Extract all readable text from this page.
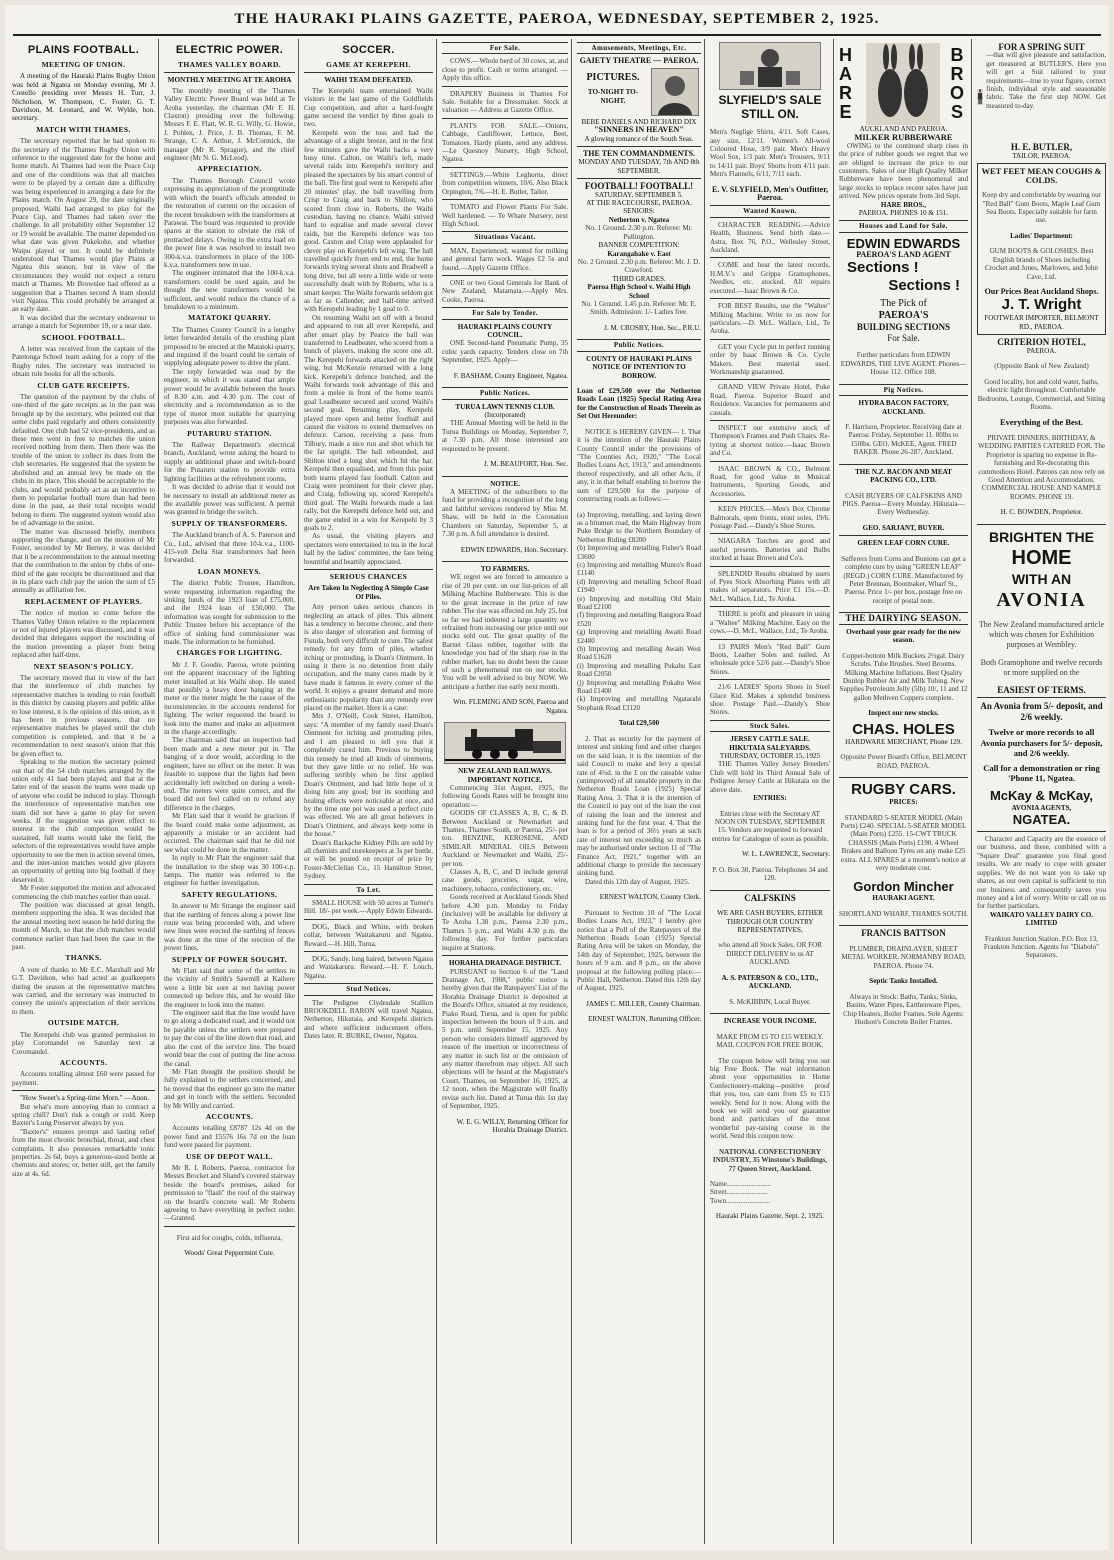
THE HAURAKI PLAINS GAZETTE, PAEROA, WEDNESDAY, SEPTEMBER 2, 1925.
PLAINS FOOTBALL.
MEETING OF UNION.

A meeting of the Hauraki Plains Rugby Union was held at Ngatea on Monday evening, Mr J. Costello presiding over Messrs H. Turr, J. Nicholson, W. Thompson, C. Foster, G. T. Davidson, M. Leonard, and W. Wylde, hon. secretary.

MATCH WITH THAMES.

The secretary reported that he had spoken to the secretary of the Thames Rugby Union with reference to the suggested date for the home and home match. At Thames had won the Peace Cup and one of the conditions was that all matches were to be played by a certain date a difficulty was being experienced in arranging a date for the Plains match. On August 29, the date originally proposed, Waihi had arranged to play for the Peace Cup, and Thames had taken over the challenge. In all probability either September 12 or 19 would be available. The matter depended on what date was given Pukekohe, and whether Waipu played or not. It could be definitely understood that Thames would play Plains at Ngatea this season, but in view of the circumstances they would not expect a return match at Thames. Mr Brownlee had offered as a suggestion that a Thames second A team should visit Ngatea. This could probably be arranged at an early date.

It was decided that the secretary endeavour to arrange a match for September 19, or a near date.

SCHOOL FOOTBALL.

A letter was received from the captain of the Patetonga School team asking for a copy of the Rugby rules. The secretary was instructed to obtain rule books for all the schools.

CLUB GATE RECEIPTS.

The question of the payment by the clubs of one-third of the gate receipts as in the past was brought up by the secretary, who pointed out that some clubs paid regularly and others consistently defaulted. One club had 52 vice-presidents, and as these men went in free to matches the union received nothing from them. Then there was the trouble of the union to collect its dues from the club secretaries. He suggested that the system be abolished and an annual levy be made on the clubs in its place. This should be acceptable to the clubs, and would probably act as an incentive to them to popularise football more than had been done in the past, as their total receipts would belong to them. The suggested system would also be of advantage to the union.

The matter was discussed briefly, members supporting the change, and on the motion of Mr Foster, seconded by Mr Berney, it was decided that it be a recommendation to the annual meeting that the contribution to the union by clubs of one-third of the gate receipts be discontinued and that in its place each club pay the union the sum of £5 annually as affiliation fee.

REPLACEMENT OF PLAYERS.

The notice of motion to come before the Thames Valley Union relative to the replacement or not of injured players was discussed, and it was decided that delegates support the rescinding of the motion preventing a player from being replaced after half-time.

NEXT SEASON'S POLICY.

The secretary moved that in view of the fact that the interference of club matches by representative matches is tending to ruin football in this district by causing players and public alike to lose interest, it is the opinion of this union, as it has been in previous seasons, that no representative matches be played until the club competition is completed, and that it be a recommendation to next season's union that this be given effect to.

Speaking to the motion the secretary pointed out that of the 54 club matches arranged by the union only 41 had been played, and that at the latter end of the season the teams were made up of anyone who could be induced to play. Through the interference of representative matches one team did not have a game to play for seven weeks. If the suggestion was given effect to interest in the club competition would be sustained, full teams would take the field, the selectors of the representatives would have ample opportunity to see the men in action several times, and the inter-union matches would give players an opportunity of getting into big football if they deserved it.

Mr Foster supported the motion and advocated commencing the club matches earlier than usual.

The position was discussed at great length, members supporting the idea. It was decided that the annual meeting next season be held during the month of March, so that the club matches would commence earlier than had been the case in the past.

THANKS.

A vote of thanks to Mr E.C. Marshall and Mr G.T. Davidson, who had acted as goalkeepers during the season at the representative matches was carried, and the secretary was instructed to convey the union's appreciation of their services to them.

OUTSIDE MATCH.

The Kerepehi club was granted permission to play Coromandel on Saturday next at Coromandel.

ACCOUNTS.

Accounts totalling almost £60 were passed for payment.

"How Sweet's a Spring-time Morn." —Anon.

But what's more annoying than to contract a spring chill? Don't risk a cough or cold. Keep Baxter's Lung Preserver always by you.

"Baxter's" ensures prompt and lasting relief from the most chronic bronchial, throat, and chest complaints. It also possesses remarkable tonic properties. 2s 6d, buys a generous-sized bottle at chemists and stores; or, better still, get the family size at 4s. 6d.

ELECTRIC POWER.
THAMES VALLEY BOARD.
MONTHLY MEETING AT TE AROHA

The monthly meeting of the Thames Valley Electric Power Board was held at Te Aroha yesterday, the chairman (Mr F. H. Claxton) presiding over the following: Messrs F. E. Flatt, W. R. G. Willy, G. Howie, J. Pohlen, J. Price, J. B. Thomas, F. M. Strange, C. A. Arthur, J. McCormick, the manager (Mr R. Sprague), and the chief engineer (Mr N. G. McLeod).

APPRECIATION.

The Thames Borough Council wrote expressing its appreciation of the promptitude with which the board's officials attended to the restoration of current on the occasion of the recent breakdown with the transformers at Parawai. The board was requested to provide spares at the station to obviate the risk of protracted delays. Owing to the extra load on the power line it was resolved to install two 300-k.v.a. transformers in place of the 100-k.v.a. transformers now in use.

The engineer intimated that the 100-k.v.a. transformers could be used again, and he thought the new transformers would be sufficient, and would reduce the chance of a breakdown to a minimum.

MATATOKI QUARRY.

The Thames County Council in a lengthy letter forwarded details of the crushing plant proposed to be erected at the Matatoki quarry, and inquired if the board could be certain of supplying adequate power to drive the plant.

The reply forwarded was read by the engineer, in which it was stated that ample power would be available between the hours of 8.30 a.m. and 4.30 p.m. The cost of electricity and a recommendation as to the type of motor most suitable for quarrying purposes was also forwarded.

PUTARURU STATION.

The Railway Department's electrical branch, Auckland, wrote asking the board to supply an additional phase and switch-board for the Putaruru station to provide extra lighting facilities at the refreshment rooms.

It was decided to advise that it would not be necessary to install an additional meter as the available power was sufficient. A permit was granted to bridge the switch.

SUPPLY OF TRANSFORMERS.

The Auckland branch of A. S. Paterson and Co., Ltd., advised that three 10-k.v.a., 1100-415-volt Delta Star transformers had been forwarded.

LOAN MONEYS.

The district Public Trustee, Hamilton, wrote requesting information regarding the sinking funds of the 1923 loan of £75,000, and the 1924 loan of £50,000. The information was sought for submission to the Public Trustee before his acceptance of the office of sinking fund commissioner was made. The information to be furnished.

CHARGES FOR LIGHTING.

Mr J. F. Goodie, Paeroa, wrote pointing out the apparent inaccuracy of the lighting meter installed at his Waihi shop. He stated that possibly a heavy door banging at the meter or the meter might be the cause of the inconsistencies in the accounts rendered for lighting. The writer requested the board to look into the matter and make an adjustment in the charge accordingly.

The chairman said that an inspection had been made and a new meter put in. The banging of a door would, according to the engineer, have no effect on the meter. It was feasible to suppose that the lights had been accidentally left switched on during a week-end. The meters were quite correct, and the board did not feel called on to refund any difference in the charges.

Mr Flatt said that it would be gracious if the board could make some adjustment, as apparently a mistake or an accident had occurred. The chairman said that he did not see what could be done in the matter.

In reply to Mr Flatt the engineer said that the installation to the shop was 30 100-c.p. lamps. The matter was referred to the engineer for further investigation.

SAFETY REGULATIONS.

In answer to Mr Strange the engineer said that the earthing of fences along a power line route was being proceeded with, and where new lines were erected the earthing of fences was done at the time of the erection of the power lines.

SUPPLY OF POWER SOUGHT.

Mr Flatt said that some of the settlers in the vicinity of Smith's Sawmill at Kaihere were a little bit sore at not having power connected up before this, and he would like the engineer to look into the matter.

The engineer said that the line would have to go along a dedicated road, and it would not be payable unless the settlers were prepared to pay the cost of the line down that road, and also the cost of the service line. The board would bear the cost of putting the line across the canal.

Mr Flatt thought the position should be fully explained to the settlers concerned, and he moved that the engineer go into the matter and get in touch with the settlers. Seconded by Mr Willy and carried.

ACCOUNTS.

Accounts totalling £8787 12s 4d on the power fund and £5576 16s 7d on the loan fund were passed for payment.

USE OF DEPOT WALL.

Mr R. I. Roberts, Paeroa, contractor for Messrs Brocket and Shand's covered stairway beside the board's premises, asked for permission to "flash" the roof of the stairway on the board's concrete wall. Mr Roberts agreeing to have everything in perfect order.—Granted.

First aid for coughs, colds, influenza,

Woods' Great Peppermint Cure.

SOCCER.
GAME AT KEREPEHI.
WAIHI TEAM DEFEATED.

The Kerepehi team entertained Waihi visitors in the last game of the Goldfields Cup competition, and after a hard-fought game secured the verdict by three goals to two.

Kerepehi won the toss and had the advantage of a slight breeze, and in the first few minutes gave the Waihi backs a very busy time. Calton, on Waihi's left, made several raids into Kerepehi's territory and pleased the spectators by his smart control of the ball. The first goal went to Kerepehi after 20 minutes' play, the ball travelling from Crisp to Craig and back to Shilton, who scored from close in. Roberts, the Waihi custodian, having no chance. Waihi strived hard to equalise and made several clever raids, but the Kerepehi defence was too good. Caxton and Crisp were applauded for clever play on Kerepehi's left wing. The ball travelled quickly from end to end, the home forwards trying several shots and Bradwell a long drive, but all were a little wide or were successfully dealt with by Roberts, who is a smart keeper. The Waihi forwards seldom got as far as Callender, and half-time arrived with Kerepehi leading by 1 goal to 0.

On resuming Waihi set off with a bound and appeared to run all over Kerepehi, and after smart play by Pearce the ball was transferred to Leadbeater, who scored from a bunch of players, making the score one all. The Kerepehi forwards attacked on the right wing, but McKenzie returned with a long kick. Kerepehi's defence bunched, and the Waihi forwards took advantage of this and from a melee in front of the home team's goal Leadbeater secured and scored Waihi's second goal. Resuming play, Kerepehi played more open and better football and caused the visitors to extend themselves on defence. Carson, receiving a pass from Tilbury, made a nice run and shot which hit the far upright. The ball rebounded, and Shilton tried a long shot which hit the bar. Kerepehi then equalised, and from this point both teams played fast football. Calton and Craig were prominent for their clever play, and Craig, following up, scored Kerepehi's third goal. The Waihi forwards made a last rally, but the Kerepehi defence held out, and the game ended in a win for Kerepehi by 3 goals to 2.

As usual, the visiting players and spectators were entertained to tea in the local hall by the ladies' committee, the fare being bountiful and heartily appreciated.

SERIOUS CHANCES
Are Taken In Neglecting A Simple Case Of Piles.

Any person takes serious chances in neglecting an attack of piles. This ailment has a tendency to become chronic, and there is also danger of ulceration and forming of Fistula, both very difficult to cure. The safest remedy for any form of piles, whether itching or protruding, is Doan's Ointment. In using it there is no detention from daily occupation, and the many cures made by it have made it famous in every corner of the world. It enjoys a greater demand and more enthusiastic popularity than any remedy ever placed on the market. Here is a case:

Mrs J. O'Neill, Cook Street, Hamilton, says: "A member of my family used Doan's Ointment for itching and protruding piles, and I am pleased to tell you that it completely cured him. Previous to buying this remedy he tried all kinds of ointments, but they gave little or no relief. He was suffering terribly when he first applied Doan's Ointment, and had little hope of it doing him any good; but its soothing and healing effects were noticeable at once, and by the time one pot was used a perfect cure was effected. We are all great believers in Doan's Ointment, and always keep some in the house."

Doan's Backache Kidney Pills are sold by all chemists and storekeepers at 3s per bottle, or will be posted on receipt of price by Foster-McClellan Co., 15 Hamilton Street, Sydney.

To Let.

SMALL HOUSE with 50 acres at Turner's Hill. 18/- per week.—Apply Edwin Edwards.

DOG, Black and White, with broken collar, between Waitakaruru and Ngatea. Reward.—H. Hill, Turua.

DOG, Sandy, long haired, between Ngatea and Waitakaruru. Reward.—H. F. Louch, Ngatea.

Stud Notices.

The Pedigree Clydesdale Stallion BROOKDELL BARON will travel Ngatea, Netherton, Hikutaia, and Kerepehi districts and where sufficient inducement offers. Dates later. R. BURKE, Owner, Ngatea.

For Sale.

COWS.—Whole herd of 30 cows, at, and close to profit. Cash or terms arranged. — Apply this office.

DRAPERY Business in Thames For Sale. Suitable for a Dressmaker. Stock at valuation — Address at Gazette Office.

PLANTS FOR SALE.—Onions, Cabbage, Cauliflower, Lettuce, Beet, Tomatoes. Hardy plants, send any address.—Le Quesnoy Nursery, High School, Ngatea.

SETTINGS.—White Leghorns, direct from competition winners, 10/6. Also Black Orpington, 7/6.—H. E. Butler, Tailor.

TOMATO and Flower Plants For Sale. Well hardened. — Te Whare Nursery, next High School.

Situations Vacant.

MAN, Experienced, wanted for milking and general farm work. Wages £2 5s and found.—Apply Gazette Office.

ONE or two Good Generals for Bank of New Zealand, Matamata.—Apply Mrs. Cooke, Paeroa.

For Sale by Tender.
HAURAKI PLAINS COUNTY COUNCIL.

ONE Second-hand Pneumatic Pump, 35 cubic yards capacity. Tenders close on 7th September, 1925. Apply—

F. BASHAM, County Engineer, Ngatea.

Public Notices.
TURUA LAWN TENNIS CLUB.
(Incorporated)

THE Annual Meeting will be held in the Turua Buildings on Monday, September 7, at 7.30 p.m. All those interested are requested to be present.

J. M. BEAUFORT, Hon. Sec.

NOTICE.

A MEETING of the subscribers to the fund for providing a recognition of the long and faithful services rendered by Miss M. Shaw, will be held in the Coronation Chambers on Saturday, September 5, at 7.30 p.m. A full attendance is desired.

EDWIN EDWARDS, Hon. Secretary.

TO FARMERS.

WE regret we are forced to announce a rise of 20 per cent. on our list-prices of all Milking Machine Rubberware. This is due to the great increase in the price of raw rubber. The rise was effected on July 25, but so far we had indented a large quantity we refrained from increasing our price until our stocks sold out. The great quality of the Barnet Glass rubber, together with the knowledge you had of the sharp rise in the rubber market, has no doubt been the cause of such a phenomenal run on our stocks. You will be well advised to buy NOW. We anticipate a further rise early next month.

Wm. FLEMING AND SON, Paeroa and Ngatea.

NEW ZEALAND RAILWAYS.
IMPORTANT NOTICE.

Commencing 31st August, 1925, the following Goods Rates will be brought into operation:—

GOODS OF CLASSES A, B, C, & D. Between Auckland or Newmarket and Thames, Thames South, or Paeroa, 25/- per ton. BENZINE, KEROSENE, AND SIMILAR MINERAL OILS Between Auckland or Newmarket and Waihi, 25/- per ton.

Classes A, B, C, and D include general case goods, groceries, sugar, wire, machinery, tobacco, confectionery, etc.

Goods received at Auckland Goods Shed before 4.30 p.m. Monday to Friday (inclusive) will be available for delivery at Te Aroha 1.30 p.m., Paeroa 2.30 p.m., Thames 5 p.m., and Waihi 4.30 p.m. the following day. For further particulars inquire at Stations.

HORAHIA DRAINAGE DISTRICT.

PURSUANT to Section 6 of the "Land Drainage Act, 1908," public notice is hereby given that the Ratepayers' List of the Horahia Drainage District is deposited at the Board's Office, situated at my residence, Piako Road, Turua, and is open for public inspection between the hours of 9 a.m. and 5 p.m. until September 15, 1925. Any person who considers himself aggrieved by reason of the insertion or incorrectness of any matter in such list or the omission of any matter therefrom may object. All such objections will be heard at the Magistrate's Court, Thames, on September 16, 1925, at 12 noon, when the Magistrate will finally revise such list. Dated at Turua this 1st day of September, 1925.

W. E. G. WILLY, Returning Officer for Horahia Drainage District.

Amusements, Meetings, Etc.
GAIETY THEATRE — PAEROA.
PICTURES.
TO-NIGHT TO-NIGHT.
BEBE DANIELS AND RICHARD DIX
"SINNERS IN HEAVEN"
A glowing romance of the South Seas.
THE TEN COMMANDMENTS.
MONDAY AND TUESDAY, 7th AND 8th SEPTEMBER.
FOOTBALL! FOOTBALL!
SATURDAY, SEPTEMBER 5.
AT THE RACECOURSE, PAEROA.
SENIORS:
Netherton v. Ngatea
No. 1 Ground. 2.30 p.m. Referee: Mr. Pullington.
BANNER COMPETITION:
Karangahake v. East
No. 2 Ground. 2.30 p.m. Referee: Mr. J. D. Crawford.
THIRD GRADES.
Paeroa High School v. Waihi High School
No. 1 Ground. 1.45 p.m. Referee: Mr. E. Smith. Admission: 1/- Ladies free.

J. M. CROSBY, Hon. Sec., P.R.U.

Public Notices.
COUNTY OF HAURAKI PLAINS
NOTICE OF INTENTION TO BORROW.

Loan of £29,500 over the Netherton Roads Loan (1925) Special Rating Area for the Construction of Roads Therein as Set Out Hereunder:

NOTICE is HEREBY GIVEN— 1. That it is the intention of the Hauraki Plains County Council under the provisions of "The Counties Act, 1920," "The Local Bodies Loans Act, 1913," and amendments thereof respectively, and all other Acts, if any, it in that behalf enabling to borrow the sum of £29,500 for the purpose of constructing roads as follows:—

(a) Improving, metalling, and laying down as a bitumen road, the Main Highway from Puke Bridge to the Northern Boundary of Netherton Riding £8200
(b) Improving and metalling Fisher's Road £3600
(c) Improving and metalling Munro's Road £1140
(d) Improving and metalling School Road £1940
(e) Improving and metalling Old Main Road £2100
(f) Improving and metalling Rangiora Road £520
(g) Improving and metalling Awaiti Road £2480
(h) Improving and metalling Awaiti West Road £1620
(i) Improving and metalling Pukahu East Road £2050
(j) Improving and metalling Pukahu West Road £1400
(k) Improving and metalling Ngatarabi Stopbank Road £3120

Total £29,500

2. That as security for the payment of interest and sinking fund and other charges on the said loan, it is the intention of the said Council to make and levy a special rate of 4½d. in the £ on the rateable value (unimproved) of all rateable property in the Netherton Roads Loan (1925) Special Rating Area. 3. That it is the intention of the Council to pay out of the loan the cost of raising the loan and the interest and sinking fund for the first year. 4. That the loan is for a period of 36½ years at such rate of interest not exceeding so much as may be authorised under section 11 of "The Finance Act, 1921," together with an additional charge to provide the necessary sinking fund.

Dated this 12th day of August, 1925.

ERNEST WALTON, County Clerk.

Pursuant to Section 10 of "The Local Bodies Loans Act, 1923," I hereby give notice that a Poll of the Ratepayers of the Netherton Roads Loan (1925) Special Rating Area will be taken on Monday, the 14th day of September, 1925, between the hours of 9 a.m. and 8 p.m., on the above proposal at the following polling place:— Public Hall, Netherton. Dated this 12th day of August, 1925.

JAMES C. MILLER, County Chairman.

ERNEST WALTON, Returning Officer.

SLYFIELD'S SALE STILL ON.

Men's Neglige Shirts, 4/11. Soft Cases, any size, 12/11. Women's All-wool Coloured Hose, 3/9 pair. Men's Heavy Wool Sox, 1/3 pair. Men's Trousers, 9/11 to 14/11 pair. Boys' Shorts from 4/11 pair. Men's Flannels, 6/11, 7/11 each.

E. V. SLYFIELD, Men's Outfitter, Paeroa.
Wanted Known.

CHARACTER READING.—Advice Health, Business. Send birth date.—Astra, Box 76, P.O., Wellesley Street, Auckland.

COME and hear the latest records, H.M.V.'s and Grippa Gramophones, Needles, etc. stocked. All repairs executed.—Isaac Brown & Co.

FOR BEST Results, use the "Waltee" Milking Machine. Write to us now for particulars.—D. McL. Wallace, Ltd., Te Aroha.

GET your Cycle put in perfect running order by Isaac Brown & Co. Cycle Makers. Best material used. Workmanship guaranteed.

GRAND VIEW Private Hotel, Puke Road, Paeroa. Superior Board and Residence. Vacancies for permanents and casuals.

INSPECT our extensive stock of Thompson's Frames and Push Chairs. Re-tyring at shortest notice.—Isaac Brown and Co.

ISAAC BROWN & CO., Belmont Road, for good value in Musical Instruments, Sporting Goods, and Accessories.

KEEN PRICES.—Men's Box Chrome Balmorals, open fronts, stout soles, 19/6. Postage Paid.—Dandy's Shoe Stores.

NIAGARA Torches are good and useful presents. Batteries and Bulbs stocked at Isaac Brown and Co's.

SPLENDID Results obtained by users of Pyes Stock Absorbing Plates with all makes of separators. Price £1 15s.—D. McL. Wallace, Ltd., Te Aroha.

THERE is profit and pleasure in using a "Waltee" Milking Machine. Easy on the cows.—D. McL. Wallace, Ltd., Te Aroha.

13 PAIRS Men's "Red Ball" Gum Boots, Leather Soles and nailed. At wholesale price 52/6 pair.—Dandy's Shoe Stores.

21/6 LADIES' Sports Shoes in Steel Glace Kid. Makes a splendid business shoe. Postage Paid.—Dandy's Shoe Stores.

Stock Sales.
JERSEY CATTLE SALE.
HIKUTAIA SALEYARDS.
THURSDAY, OCTOBER 15, 1925

THE Thames Valley Jersey Breeders' Club will hold its Third Annual Sale of Pedigree Jersey Cattle at Hikutaia on the above date.

ENTRIES:

Entries close with the Secretary AT NOON ON TUESDAY, SEPTEMBER 15. Vendors are requested to forward entries for Catalogue of soon as possible.

W. L. LAWRENCE, Secretary.

P. O. Box 30, Paeroa. Telephones 34 and 120.

CALFSKINS

WE ARE CASH BUYERS, EITHER THROUGH OUR COUNTRY REPRESENTATIVES,

who attend all Stock Sales, OR FOR DIRECT DELIVERY to us AT AUCKLAND.

A. S. PATERSON & CO., LTD., AUCKLAND.

S. McKIBBIN, Local Buyer.

INCREASE YOUR INCOME.

MAKE FROM £5 TO £15 WEEKLY. MAIL COUPON FOR FREE BOOK.

The coupon below will bring you our big Free Book. The real information about your opportunities in Home Confectionery-making—positive proof that you, too, can earn from £5 to £15 weekly. Send for it now. Along with the book we will send you our guarantee bond and particulars of the most wonderful pay-raising course in the world. Send this coupon now.

NATIONAL CONFECTIONERY INDUSTRY, 35 Winstone's Buildings, 77 Queen Street, Auckland.

Name.........................
Street.......................
Town.........................

Hauraki Plains Gazette, Sept. 2, 1925.

H
A
R
E
B
R
O
S
AUCKLAND AND PAEROA.
MILKER RUBBERWARE

OWING to the continued sharp rises in the price of rubber goods we regret that we are obliged to increase the price to our customers. Sales of our High Quality Milker Rubberware have been phenomenal and large stocks to replace recent sales have just arrived. New prices operate from 3rd Sept.

HARE BROS.,
PAEROA. PHONES 10 & 151.
Houses and Land for Sale.
EDWIN EDWARDS
PAEROA'S LAND AGENT
Sections !
Sections !
The Pick of
PAEROA'S
BUILDING SECTIONS
For Sale.

Further particulars from EDWIN EDWARDS, THE LIVE AGENT. Phones—House 112. Office 108.

Pig Notices.
HYDRA BACON FACTORY, AUCKLAND.

F. Harrison, Proprietor. Receiving date at Paeroa: Friday, September 11. 80lbs to 150lbs. GEO. McKEE, Agent. FRED BAKER. Phone 26-287, Auckland.

THE N.Z. BACON AND MEAT PACKING CO., LTD.

CASH BUYERS OF CALFSKINS AND PIGS. Paeroa—Every Monday. Hikutaia—Every Wednesday.

GEO. SARJANT, BUYER.
GREEN LEAF CORN CURE.

Sufferers from Corns and Bunions can get a complete cure by using "GREEN LEAF" (REGD.) CORN CURE. Manufactured by Peter Brennan, Bootmaker, Wharf St., Paeroa. Price 1/- per box, postage free on receipt of postal note.

THE DAIRYING SEASON.
Overhaul your gear ready for the new season.

Copper-bottom Milk Buckets 2½gal. Dairy Scrubs. Tube Brushes. Steel Brooms. Milking Machine Inflations. Best Quality Dunlop Rubber Air and Milk Tubing. New Supplies Petroleum Jelly (5lb) 10/, 11 and 12 gallon Methven Coppers complete.

Inspect our new stocks.
CHAS. HOLES
HARDWARE MERCHANT, Phone 129.

Opposite Power Board's Office, BELMONT ROAD, PAEROA.

RUGBY CARS.
PRICES:

STANDARD 5-SEATER MODEL (Main Ports) £240. SPECIAL 5-SEATER MODEL (Main Ports) £255. 15-CWT TRUCK CHASSIS (Main Ports) £190. 4 Wheel Brakes and Balloon Tyres on any make £25 extra. ALL SPARES at a moment's notice at very moderate cost.

Gordon Mincher
HAURAKI AGENT.

SHORTLAND WHARF, THAMES SOUTH.

FRANCIS BATTSON

PLUMBER, DRAINLAYER, SHEET METAL WORKER. NORMANBY ROAD, PAEROA. Phone 74.

Septic Tanks Installed.

Always in Stock: Baths, Tanks, Sinks, Basins, Water Pipes, Earthenware Pipes, Chip Heaters, Boiler Frames. Sole Agents: Hudson's Concrete Boiler Frames.

FOR A SPRING SUIT

—that will give pleasure and satisfaction, get measured at BUTLER'S. Here you will get a Suit tailored to your requirements—true to your figure, correct finish, individual style and seasonable fabric. Take the first step NOW. Get measured to-day.

H. E. BUTLER,
TAILOR, PAEROA.
WET FEET MEAN COUGHS & COLDS.

Keep dry and comfortable by wearing our "Red Ball" Gum Boots, Maple Leaf Gum Sea Boots. Especially suitable for farm use.

Ladies' Department:

GUM BOOTS & GOLOSHES. Best English brands of Shoes including Crocket and Jones, Marlowes, and John Cave, Ltd.

Our Prices Beat Auckland Shops.
J. T. Wright
FOOTWEAR IMPORTER, BELMONT RD., PAEROA.
CRITERION HOTEL,
PAEROA.

(Opposite Bank of New Zealand)

Good locality, hot and cold water, baths, electric light throughout. Comfortable Bedrooms, Lounge, Commercial, and Sitting Rooms.

Everything of the Best.

PRIVATE DINNERS, BIRTHDAY, & WEDDING PARTIES CATERED FOR. The Proprietor is sparing no expense in Re-furnishing and Re-decorating this commodious Hotel. Patrons can now rely on Good Attention and Accommodation. COMMERCIAL HOUSE AND SAMPLE ROOMS. PHONE 19.

H. C. BOWDEN, Proprietor.

BRIGHTEN THE
HOME
WITH AN
AVONIA

The New Zealand manufactured article which was chosen for Exhibition purposes at Wembley.

Both Gramophone and twelve records or more supplied on the

EASIEST OF TERMS.
An Avonia from 5/- deposit, and 2/6 weekly.
Twelve or more records to all Avonia purchasers for 5/- deposit, and 2/6 weekly.
Call for a demonstration or ring 'Phone 11, Ngatea.
McKay & McKay,
AVONIA AGENTS,
NGATEA.

Character and Capacity are the essence of our business, and these, combined with a "Square Deal" guarantee you final good results. We are ready to cope with greater supplies. We do not want you to take up shares, as our own capital is sufficient to run our business and consequently saves you money and a lot of worry. Write or call on us for further particulars.

WAIKATO VALLEY DAIRY CO. LIMITED

Frankton Junction Station. P.O. Box 13, Frankton Junction. Agents for "Diabolo" Separators.
